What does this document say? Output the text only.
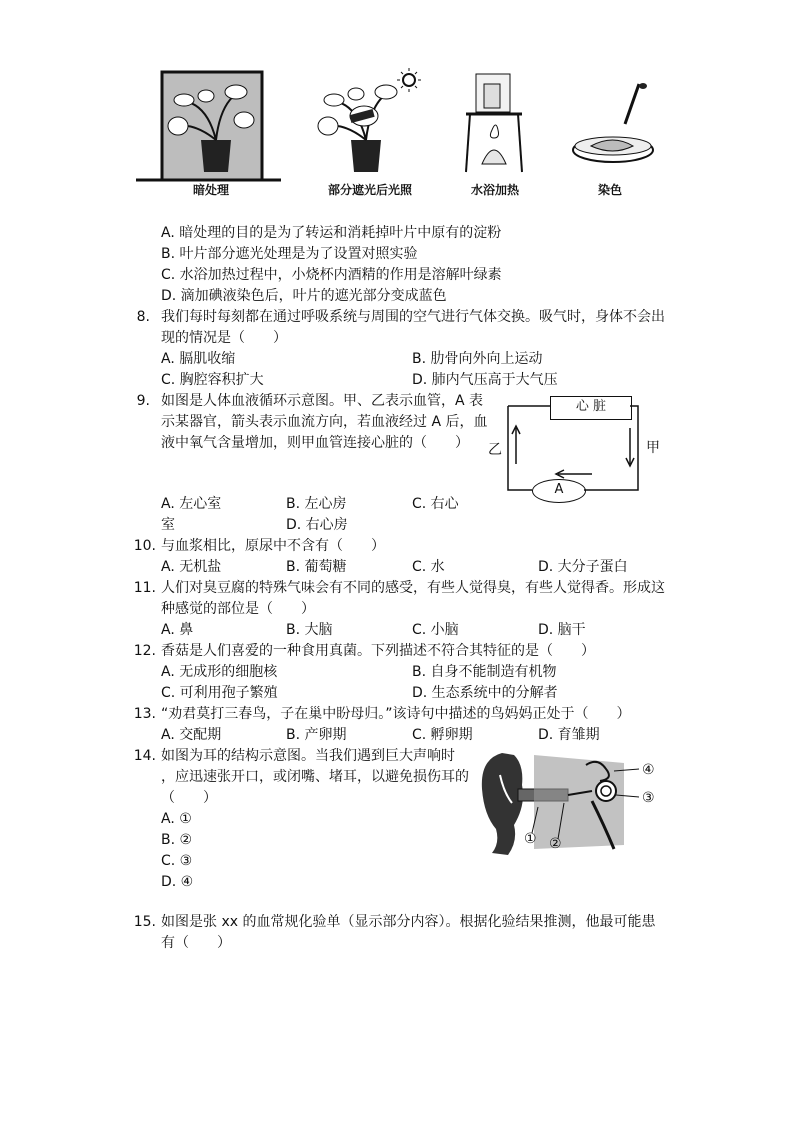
暗处理	部分遮光后光照	水浴加热	染色
A. 暗处理的目的是为了转运和消耗掉叶片中原有的淀粉
B. 叶片部分遮光处理是为了设置对照实验
C. 水浴加热过程中，小烧杯内酒精的作用是溶解叶绿素
D. 滴加碘液染色后，叶片的遮光部分变成蓝色
8. 我们每时每刻都在通过呼吸系统与周围的空气进行气体交换。吸气时，身体不会出
现的情况是（　　）
A. 膈肌收缩	B. 肋骨向外向上运动
C. 胸腔容积扩大	D. 肺内气压高于大气压
9. 如图是人体血液循环示意图。甲、乙表示血管，A 表
示某器官，箭头表示血流方向，若血液经过 A 后，血
液中氧气含量增加，则甲血管连接心脏的（　　）
A. 左心室	B. 左心房	C. 右心
室	D. 右心房
心 脏
A
乙	甲
10. 与血浆相比，原尿中不含有（　　）
A. 无机盐	B. 葡萄糖	C. 水	D. 大分子蛋白
11. 人们对臭豆腐的特殊气味会有不同的感受，有些人觉得臭，有些人觉得香。形成这
种感觉的部位是（　　）
A. 鼻	B. 大脑	C. 小脑	D. 脑干
12. 香菇是人们喜爱的一种食用真菌。下列描述不符合其特征的是（　　）
A. 无成形的细胞核	B. 自身不能制造有机物
C. 可利用孢子繁殖	D. 生态系统中的分解者
13. “劝君莫打三春鸟，子在巢中盼母归。”该诗句中描述的鸟妈妈正处于（　　）
A. 交配期	B. 产卵期	C. 孵卵期	D. 育雏期
14. 如图为耳的结构示意图。当我们遇到巨大声响时
，应迅速张开口，或闭嘴、堵耳，以避免损伤耳的
（　　）
A. ①
B. ②
C. ③
D. ④
① ②
③
④
15. 如图是张 xx 的血常规化验单（显示部分内容）。根据化验结果推测，他最可能患
有（　　）
